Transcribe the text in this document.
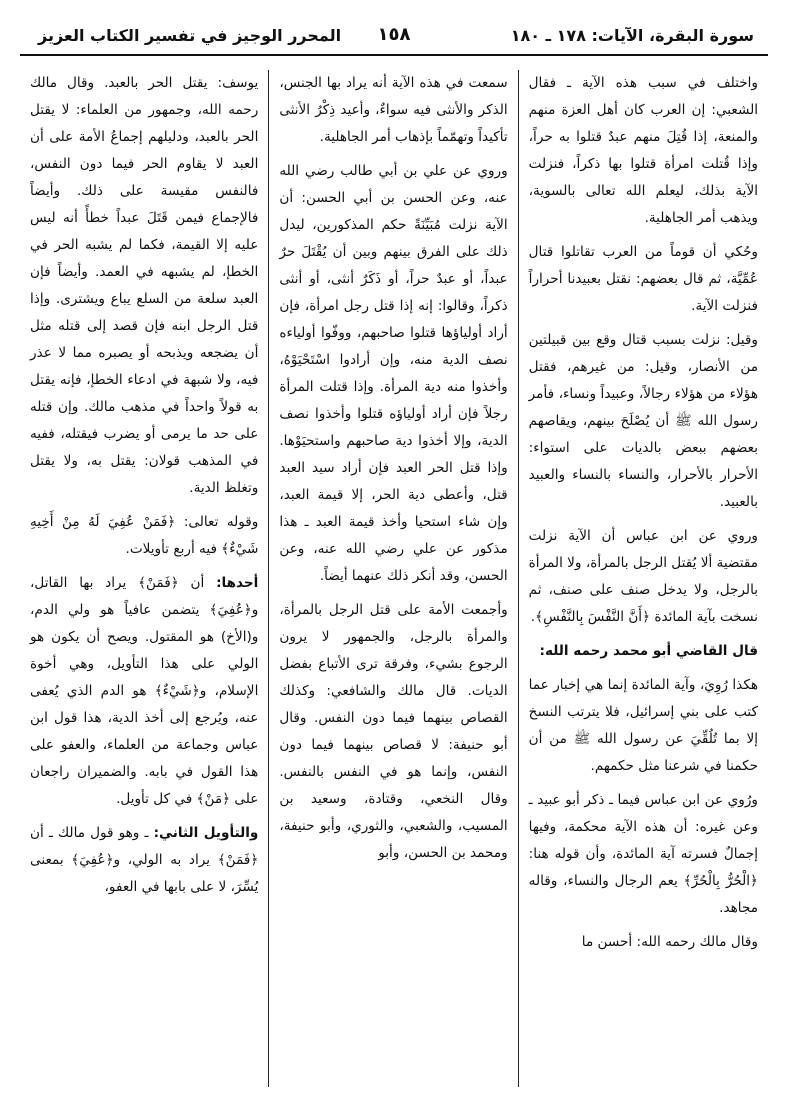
سورة البقرة، الآيات: ١٧٨ ـ ١٨٠
١٥٨
المحرر الوجيز في تفسير الكتاب العزيز

واختلف في سبب هذه الآية ـ فقال الشعبي: إن العرب كان أهل العزة منهم والمنعة، إذا قُتِلَ منهم عبدٌ قتلوا به حراً، وإذا قُتلت امرأة قتلوا بها ذكراً، فنزلت الآية بذلك، ليعلم الله تعالى بالسوية، ويذهب أمر الجاهلية.

وحُكي أن قوماً من العرب تقاتلوا قتال عُمِّيَّة، ثم قال بعضهم: نقتل بعبيدنا أحراراً فنزلت الآية.

وقيل: نزلت بسبب قتال وقع بين قبيلتين من الأنصار، وقيل: من غيرهم، فقتل هؤلاء من هؤلاء رجالاً، وعبيداً ونساء، فأمر رسول الله ﷺ أن يُصْلَحَ بينهم، ويقاصهم بعضهم ببعض بالديات على استواء: الأحرار بالأحرار، والنساء بالنساء والعبيد بالعبيد.

وروي عن ابن عباس أن الآية نزلت مقتضية ألا يُقتل الرجل بالمرأة، ولا المرأة بالرجل، ولا يدخل صنف على صنف، ثم نسخت بآية المائدة ﴿أَنَّ النَّفْسَ بِالنَّفْسِ﴾.

قال القاضي أبو محمد رحمه الله:

هكذا رُوِيَ، وآية المائدة إنما هي إخبار عما كتب على بني إسرائيل، فلا يترتب النسخ إلا بما تُلُقِّيَ عن رسول الله ﷺ من أن حكمنا في شرعنا مثل حكمهم.

ورُوي عن ابن عباس فيما ـ ذكر أبو عبيد ـ وعن غيره: أن هذه الآية محكمة، وفيها إجمالٌ فسرته آية المائدة، وأن قوله هنا: ﴿الْحُرُّ بِالْحُرِّ﴾ يعم الرجال والنساء، وقاله مجاهد.

وقال مالك رحمه الله: أحسن ما

سمعت في هذه الآية أنه يراد بها الجنس، الذكر والأنثى فيه سواءٌ، وأعيد ذِكْرُ الأنثى تأكيداً وتهمّماً بإذهاب أمر الجاهلية.

وروي عن علي بن أبي طالب رضي الله عنه، وعن الحسن بن أبي الحسن: أن الآية نزلت مُبَيِّنَةً حكم المذكورين، ليدل ذلك على الفرق بينهم وبين أن يُقْتَلَ حرٌ عبداً، أو عبدٌ حراً، أو ذَكَرٌ أنثى، أو أنثى ذكراً، وقالوا: إنه إذا قتل رجل امرأة، فإن أراد أولياؤها قتلوا صاحبهم، ووفّوا أولياءه نصف الدية منه، وإن أرادوا اسْتَحْيَوْهُ، وأخذوا منه دية المرأة. وإذا قتلت المرأة رجلاً فإن أراد أولياؤه قتلوا وأخذوا نصف الدية، وإلا أخذوا دية صاحبهم واستحيَوْها. وإذا قتل الحر العبد فإن أراد سيد العبد قتل، وأعطى دية الحر، إلا قيمة العبد، وإن شاء استحيا وأخذ قيمة العبد ـ هذا مذكور عن علي رضي الله عنه، وعن الحسن، وقد أنكر ذلك عنهما أيضاً.

وأجمعت الأمة على قتل الرجل بالمرأة، والمرأة بالرجل، والجمهور لا يرون الرجوع بشيء، وفرقة ترى الأتباع بفضل الديات. قال مالك والشافعي: وكذلك القصاص بينهما فيما دون النفس. وقال أبو حنيفة: لا قصاص بينهما فيما دون النفس، وإنما هو في النفس بالنفس. وقال النخعي، وقتادة، وسعيد بن المسيب، والشعبي، والثوري، وأبو حنيفة، ومحمد بن الحسن، وأبو

يوسف: يقتل الحر بالعبد. وقال مالك رحمه الله، وجمهور من العلماء: لا يقتل الحر بالعبد، ودليلهم إجماعُ الأمة على أن العبد لا يقاوم الحر فيما دون النفس، فالنفس مقيسة على ذلك. وأيضاً فالإجماع فيمن قَتَلَ عبداً خطأً أنه ليس عليه إلا القيمة، فكما لم يشبه الحر في الخطإ، لم يشبهه في العمد. وأيضاً فإن العبد سلعة من السلع يباع ويشترى. وإذا قتل الرجل ابنه فإن قصد إلى قتله مثل أن يضجعه ويذبحه أو يصبره مما لا عذر فيه، ولا شبهة في ادعاء الخطإ، فإنه يقتل به قولاً واحداً في مذهب مالك. وإن قتله على حد ما يرمى أو يضرب فيقتله، ففيه في المذهب قولان: يقتل به، ولا يقتل وتغلظ الدية.

وقوله تعالى: ﴿فَمَنْ عُفِيَ لَهُ مِنْ أَخِيهِ شَيْءٌ﴾ فيه أربع تأويلات.

أحدها: أن ﴿فَمَنْ﴾ يراد بها القاتل، و﴿عُفِيَ﴾ يتضمن عافياً هو ولي الدم، و(الأخ) هو المقتول. ويصح أن يكون هو الولي على هذا التأويل، وهي أخوة الإسلام، و﴿شَيْءٌ﴾ هو الدم الذي يُعفى عنه، ويُرجع إلى أخذ الدية، هذا قول ابن عباس وجماعة من العلماء، والعفو على هذا القول في بابه. والضميران راجعان على ﴿مَنْ﴾ في كل تأويل.

والتأويل الثاني: ـ وهو قول مالك ـ أن ﴿فَمَنْ﴾ يراد به الولي، و﴿عُفِيَ﴾ بمعنى يُسِّرَ، لا على بابها في العفو،
